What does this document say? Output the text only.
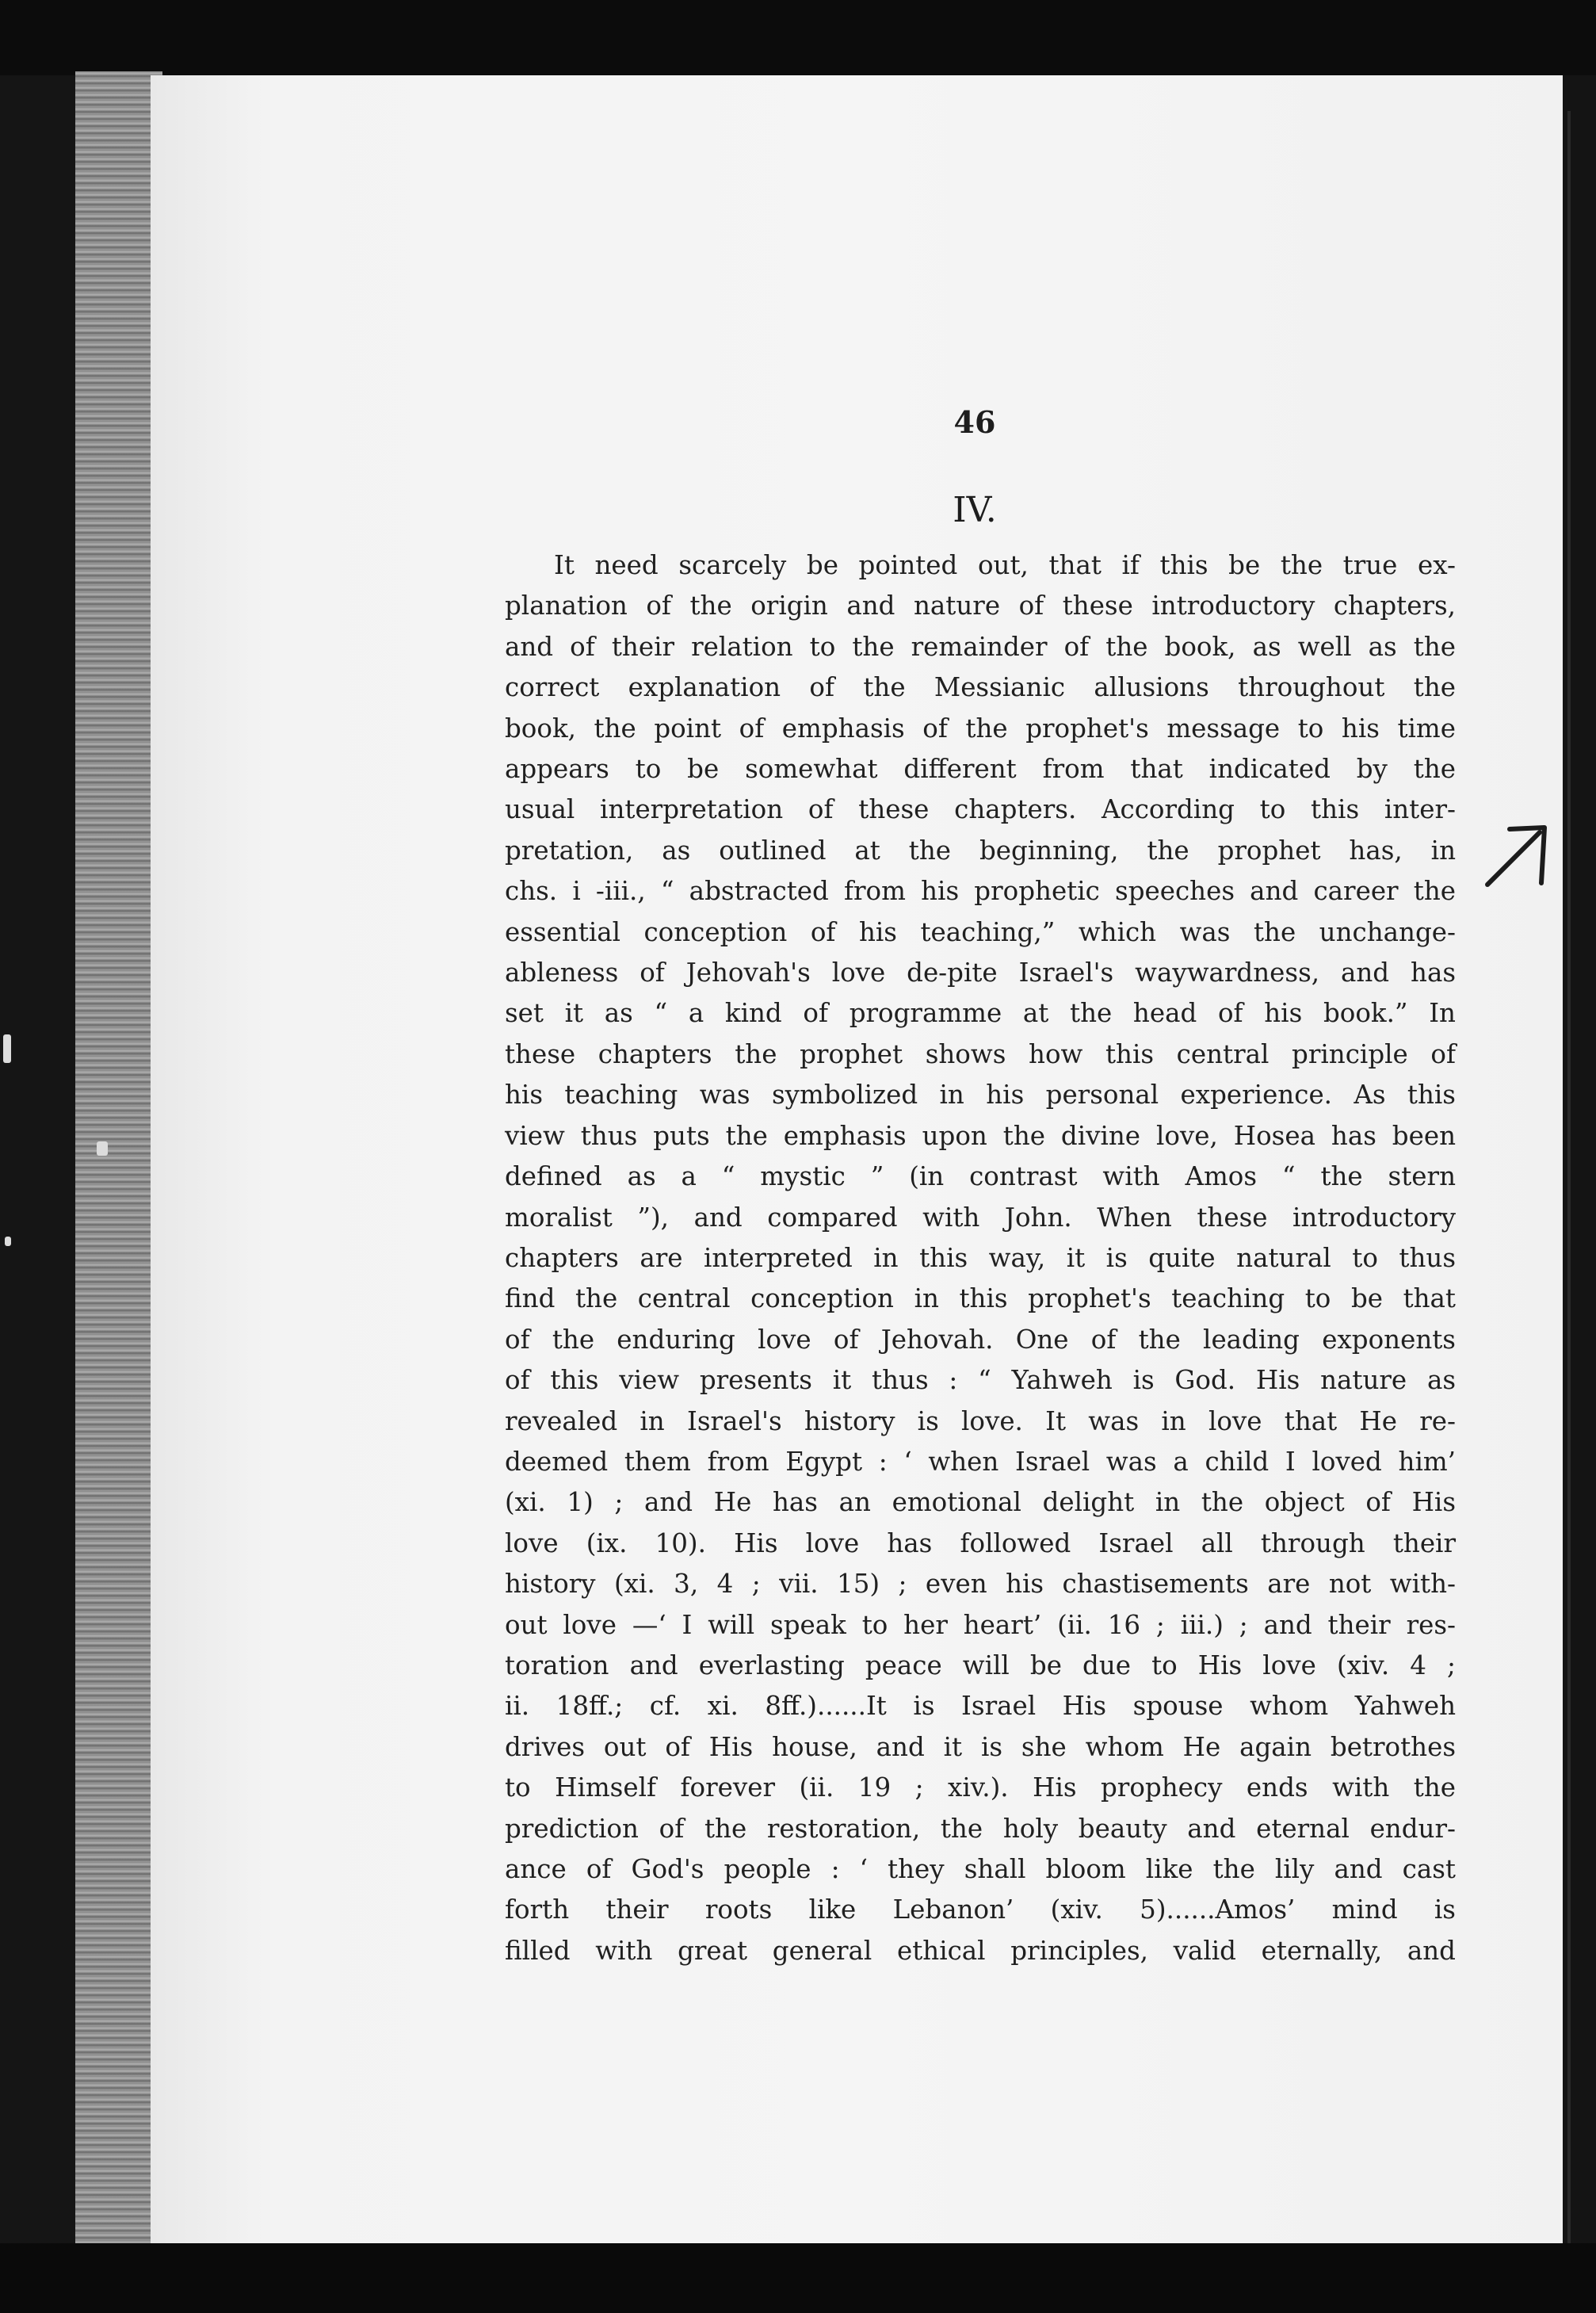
46
IV.
It need scarcely be pointed out, that if this be the true ex-
planation of the origin and nature of these introductory chapters,
and of their relation to the remainder of the book, as well as the
correct explanation of the Messianic allusions throughout the
book, the point of emphasis of the prophet's message to his time
appears to be somewhat different from that indicated by the
usual interpretation of these chapters. According to this inter-
pretation, as outlined at the beginning, the prophet has, in
chs. i -iii., “ abstracted from his prophetic speeches and career the
essential conception of his teaching,” which was the unchange-
ableness of Jehovah's love de-pite Israel's waywardness, and has
set it as “ a kind of programme at the head of his book.” In
these chapters the prophet shows how this central principle of
his teaching was symbolized in his personal experience. As this
view thus puts the emphasis upon the divine love, Hosea has been
defined as a “ mystic ” (in contrast with Amos “ the stern
moralist ”), and compared with John. When these introductory
chapters are interpreted in this way, it is quite natural to thus
find the central conception in this prophet's teaching to be that
of the enduring love of Jehovah. One of the leading exponents
of this view presents it thus : “ Yahweh is God. His nature as
revealed in Israel's history is love. It was in love that He re-
deemed them from Egypt : ‘ when Israel was a child I loved him’
(xi. 1) ; and He has an emotional delight in the object of His
love (ix. 10). His love has followed Israel all through their
history (xi. 3, 4 ; vii. 15) ; even his chastisements are not with-
out love —‘ I will speak to her heart’ (ii. 16 ; iii.) ; and their res-
toration and everlasting peace will be due to His love (xiv. 4 ;
ii. 18ff.; cf. xi. 8ff.)......It is Israel His spouse whom Yahweh
drives out of His house, and it is she whom He again betrothes
to Himself forever (ii. 19 ; xiv.). His prophecy ends with the
prediction of the restoration, the holy beauty and eternal endur-
ance of God's people : ‘ they shall bloom like the lily and cast
forth their roots like Lebanon’ (xiv. 5)......Amos’ mind is
filled with great general ethical principles, valid eternally, and
